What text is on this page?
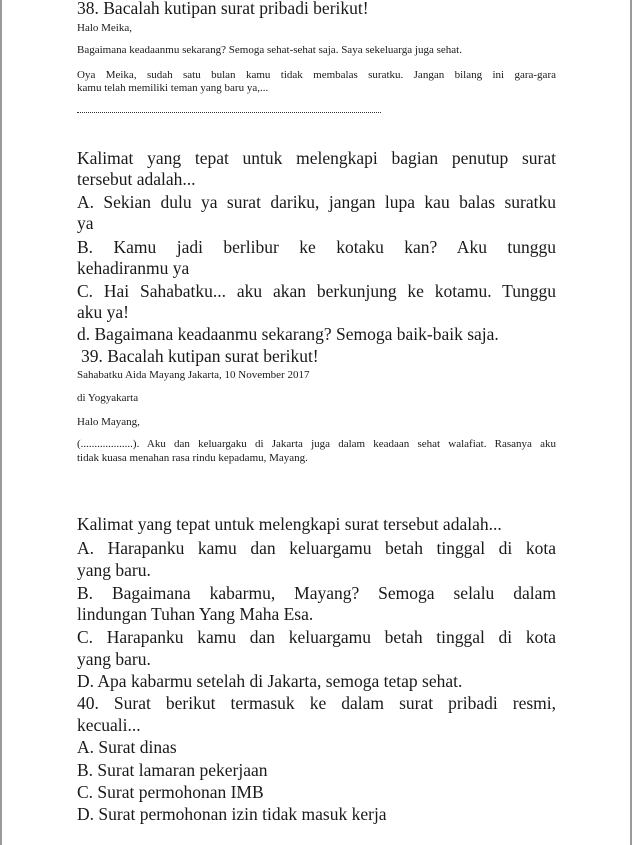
38. Bacalah kutipan surat pribadi berikut!
Halo Meika,
Bagaimana keadaanmu sekarang? Semoga sehat-sehat saja. Saya sekeluarga juga sehat.
Oya Meika, sudah satu bulan kamu tidak membalas suratku. Jangan bilang ini gara-gara
kamu telah memiliki teman yang baru ya,...
Kalimat yang tepat untuk melengkapi bagian penutup surat
tersebut adalah...
A. Sekian dulu ya surat dariku, jangan lupa kau balas suratku
ya
B. Kamu jadi berlibur ke kotaku kan? Aku tunggu
kehadiranmu ya
C. Hai Sahabatku... aku akan berkunjung ke kotamu. Tunggu
aku ya!
d. Bagaimana keadaanmu sekarang? Semoga baik-baik saja.
39. Bacalah kutipan surat berikut!
Sahabatku Aida Mayang Jakarta, 10 November 2017
di Yogyakarta
Halo Mayang,
(...................). Aku dan keluargaku di Jakarta juga dalam keadaan sehat walafiat. Rasanya aku
tidak kuasa menahan rasa rindu kepadamu, Mayang.
Kalimat yang tepat untuk melengkapi surat tersebut adalah...
A. Harapanku kamu dan keluargamu betah tinggal di kota
yang baru.
B. Bagaimana kabarmu, Mayang? Semoga selalu dalam
lindungan Tuhan Yang Maha Esa.
C. Harapanku kamu dan keluargamu betah tinggal di kota
yang baru.
D. Apa kabarmu setelah di Jakarta, semoga tetap sehat.
40. Surat berikut termasuk ke dalam surat pribadi resmi,
kecuali...
A. Surat dinas
B. Surat lamaran pekerjaan
C. Surat permohonan IMB
D. Surat permohonan izin tidak masuk kerja
